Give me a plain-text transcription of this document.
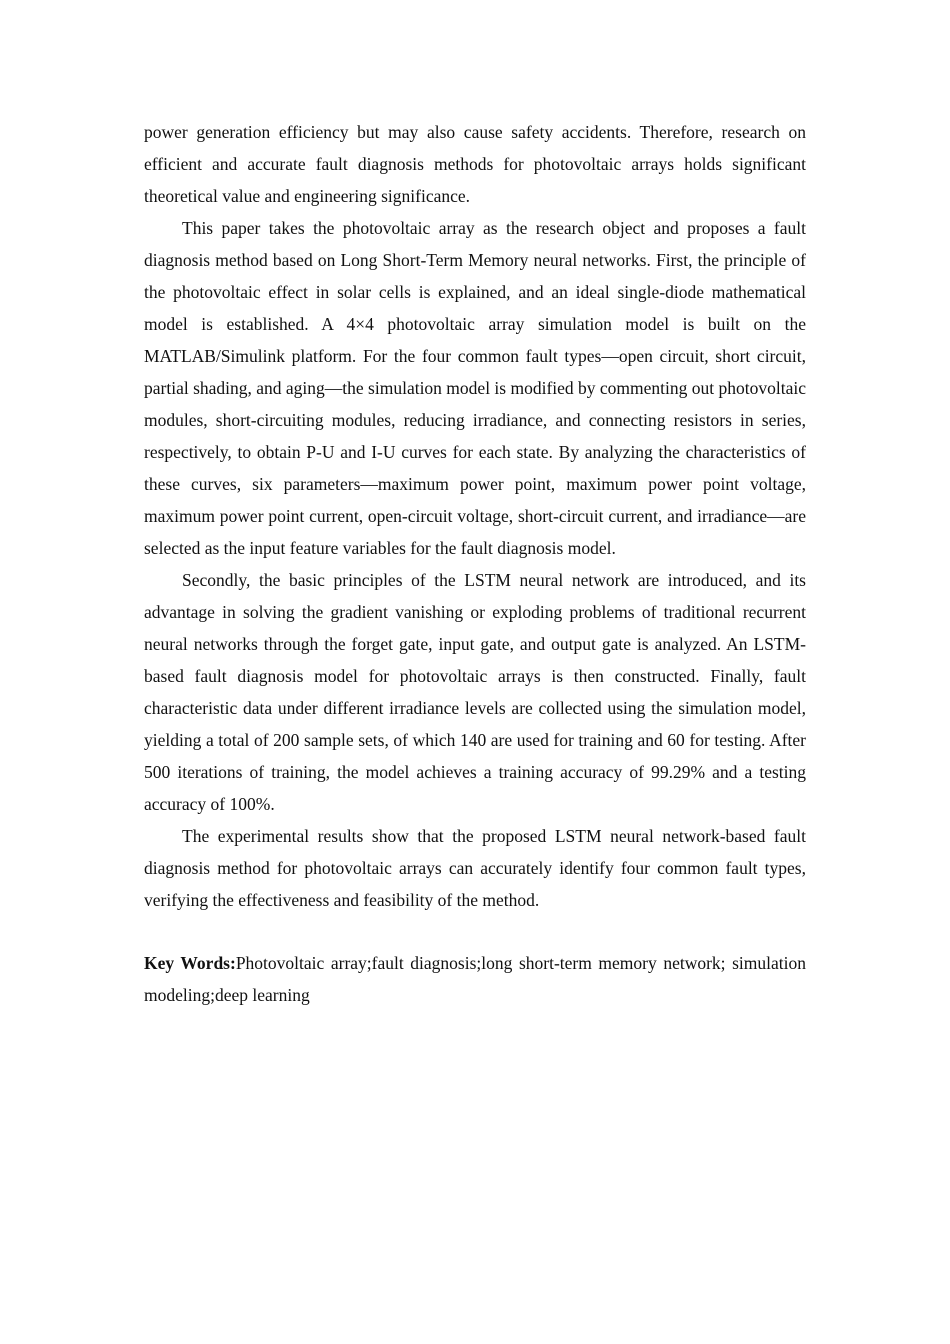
power generation efficiency but may also cause safety accidents. Therefore, research on efficient and accurate fault diagnosis methods for photovoltaic arrays holds significant theoretical value and engineering significance.

This paper takes the photovoltaic array as the research object and proposes a fault diagnosis method based on Long Short-Term Memory neural networks. First, the principle of the photovoltaic effect in solar cells is explained, and an ideal single-diode mathematical model is established. A 4×4 photovoltaic array simulation model is built on the MATLAB/Simulink platform. For the four common fault types—open circuit, short circuit, partial shading, and aging—the simulation model is modified by commenting out photovoltaic modules, short-circuiting modules, reducing irradiance, and connecting resistors in series, respectively, to obtain P-U and I-U curves for each state. By analyzing the characteristics of these curves, six parameters—maximum power point, maximum power point voltage, maximum power point current, open-circuit voltage, short-circuit current, and irradiance—are selected as the input feature variables for the fault diagnosis model.

Secondly, the basic principles of the LSTM neural network are introduced, and its advantage in solving the gradient vanishing or exploding problems of traditional recurrent neural networks through the forget gate, input gate, and output gate is analyzed. An LSTM-based fault diagnosis model for photovoltaic arrays is then constructed. Finally, fault characteristic data under different irradiance levels are collected using the simulation model, yielding a total of 200 sample sets, of which 140 are used for training and 60 for testing. After 500 iterations of training, the model achieves a training accuracy of 99.29% and a testing accuracy of 100%.

The experimental results show that the proposed LSTM neural network-based fault diagnosis method for photovoltaic arrays can accurately identify four common fault types, verifying the effectiveness and feasibility of the method.

Key Words:Photovoltaic array;fault diagnosis;long short-term memory network; simulation modeling;deep learning
